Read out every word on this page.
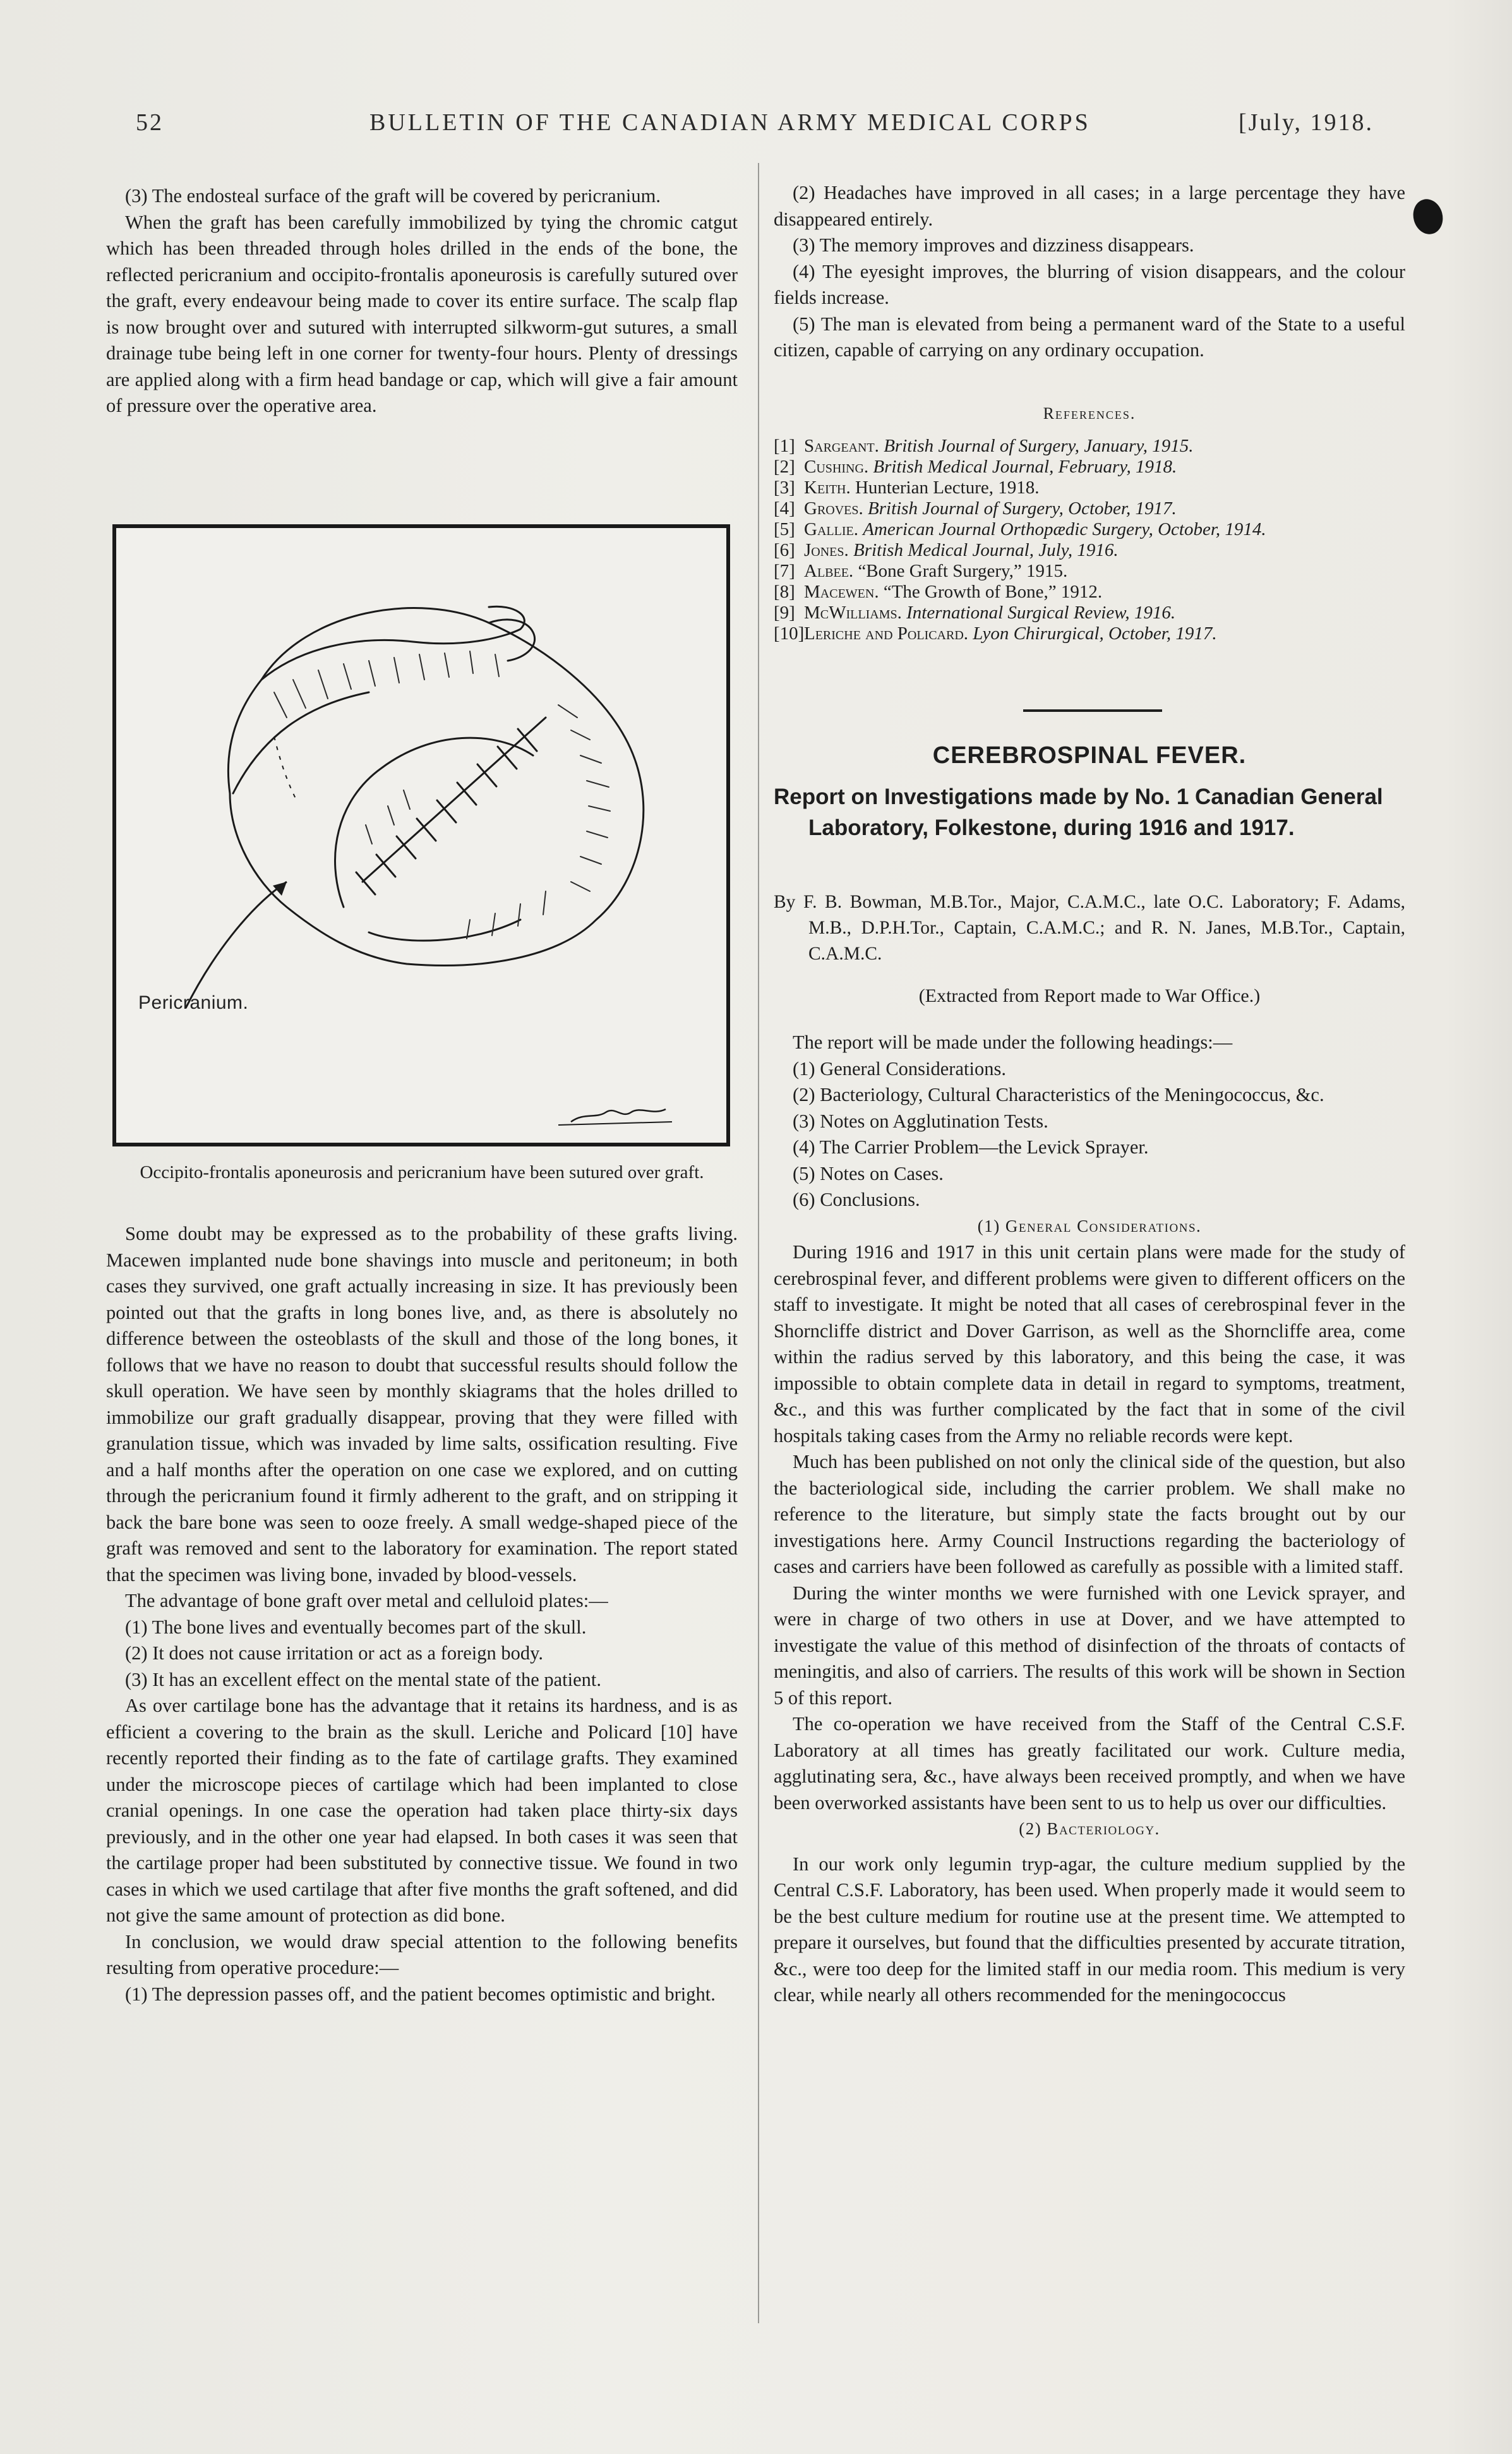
52	BULLETIN OF THE CANADIAN ARMY MEDICAL CORPS	[July, 1918.

(3) The endosteal surface of the graft will be covered by pericranium.

When the graft has been carefully immobilized by tying the chromic catgut which has been threaded through holes drilled in the ends of the bone, the reflected pericranium and occipito-frontalis aponeurosis is carefully sutured over the graft, every endeavour being made to cover its entire surface. The scalp flap is now brought over and sutured with interrupted silkworm-gut sutures, a small drainage tube being left in one corner for twenty-four hours. Plenty of dressings are applied along with a firm head bandage or cap, which will give a fair amount of pressure over the operative area.

Pericranium.
Occipito-frontalis aponeurosis and pericranium have been sutured over graft.

Some doubt may be expressed as to the probability of these grafts living. Macewen implanted nude bone shavings into muscle and peritoneum; in both cases they survived, one graft actually increasing in size. It has previously been pointed out that the grafts in long bones live, and, as there is absolutely no difference between the osteoblasts of the skull and those of the long bones, it follows that we have no reason to doubt that successful results should follow the skull operation. We have seen by monthly skiagrams that the holes drilled to immobilize our graft gradually disappear, proving that they were filled with granulation tissue, which was invaded by lime salts, ossification resulting. Five and a half months after the operation on one case we explored, and on cutting through the pericranium found it firmly adherent to the graft, and on stripping it back the bare bone was seen to ooze freely. A small wedge-shaped piece of the graft was removed and sent to the laboratory for examination. The report stated that the specimen was living bone, invaded by blood-vessels.

The advantage of bone graft over metal and celluloid plates:—

(1) The bone lives and eventually becomes part of the skull.

(2) It does not cause irritation or act as a foreign body.

(3) It has an excellent effect on the mental state of the patient.

As over cartilage bone has the advantage that it retains its hardness, and is as efficient a covering to the brain as the skull. Leriche and Policard [10] have recently reported their finding as to the fate of cartilage grafts. They examined under the microscope pieces of cartilage which had been implanted to close cranial openings. In one case the operation had taken place thirty-six days previously, and in the other one year had elapsed. In both cases it was seen that the cartilage proper had been substituted by connective tissue. We found in two cases in which we used cartilage that after five months the graft softened, and did not give the same amount of protection as did bone.

In conclusion, we would draw special attention to the following benefits resulting from operative procedure:—

(1) The depression passes off, and the patient becomes optimistic and bright.

(2) Headaches have improved in all cases; in a large percentage they have disappeared entirely.

(3) The memory improves and dizziness disappears.

(4) The eyesight improves, the blurring of vision disappears, and the colour fields increase.

(5) The man is elevated from being a permanent ward of the State to a useful citizen, capable of carrying on any ordinary occupation.

References.
[1] Sargeant. British Journal of Surgery, January, 1915.
[2] Cushing. British Medical Journal, February, 1918.
[3] Keith. Hunterian Lecture, 1918.
[4] Groves. British Journal of Surgery, October, 1917.
[5] Gallie. American Journal Orthopædic Surgery, October, 1914.
[6] Jones. British Medical Journal, July, 1916.
[7] Albee. “Bone Graft Surgery,” 1915.
[8] Macewen. “The Growth of Bone,” 1912.
[9] McWilliams. International Surgical Review, 1916.
[10] Leriche and Policard. Lyon Chirurgical, October, 1917.
CEREBROSPINAL FEVER.
Report on Investigations made by No. 1 Canadian General Laboratory, Folkestone, during 1916 and 1917.
By F. B. Bowman, M.B.Tor., Major, C.A.M.C., late O.C. Laboratory; F. Adams, M.B., D.P.H.Tor., Captain, C.A.M.C.; and R. N. Janes, M.B.Tor., Captain, C.A.M.C.
(Extracted from Report made to War Office.)

The report will be made under the following headings:—

(1) General Considerations.

(2) Bacteriology, Cultural Characteristics of the Meningococcus, &c.

(3) Notes on Agglutination Tests.

(4) The Carrier Problem—the Levick Sprayer.

(5) Notes on Cases.

(6) Conclusions.

(1) General Considerations.

During 1916 and 1917 in this unit certain plans were made for the study of cerebrospinal fever, and different problems were given to different officers on the staff to investigate. It might be noted that all cases of cerebrospinal fever in the Shorncliffe district and Dover Garrison, as well as the Shorncliffe area, come within the radius served by this laboratory, and this being the case, it was impossible to obtain complete data in detail in regard to symptoms, treatment, &c., and this was further complicated by the fact that in some of the civil hospitals taking cases from the Army no reliable records were kept.

Much has been published on not only the clinical side of the question, but also the bacteriological side, including the carrier problem. We shall make no reference to the literature, but simply state the facts brought out by our investigations here. Army Council Instructions regarding the bacteriology of cases and carriers have been followed as carefully as possible with a limited staff.

During the winter months we were furnished with one Levick sprayer, and were in charge of two others in use at Dover, and we have attempted to investigate the value of this method of disinfection of the throats of contacts of meningitis, and also of carriers. The results of this work will be shown in Section 5 of this report.

The co-operation we have received from the Staff of the Central C.S.F. Laboratory at all times has greatly facilitated our work. Culture media, agglutinating sera, &c., have always been received promptly, and when we have been overworked assistants have been sent to us to help us over our difficulties.

(2) Bacteriology.

In our work only legumin tryp-agar, the culture medium supplied by the Central C.S.F. Laboratory, has been used. When properly made it would seem to be the best culture medium for routine use at the present time. We attempted to prepare it ourselves, but found that the difficulties presented by accurate titration, &c., were too deep for the limited staff in our media room. This medium is very clear, while nearly all others recommended for the meningococcus
